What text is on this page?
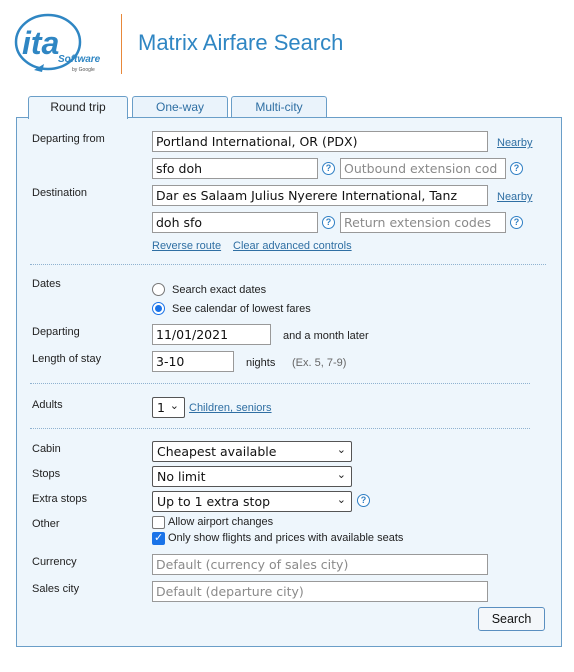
ita
Software
by Google
Matrix Airfare Search
Round trip	One-way	Multi-city
Departing from	Portland International, OR (PDX)	Nearby
sfo doh	?	Outbound extension cod	?
Destination	Dar es Salaam Julius Nyerere International, Tanz	Nearby
doh sfo	?	Return extension codes	?
Reverse route Clear advanced controls
Dates	Search exact dates
See calendar of lowest fares
Departing	11/01/2021	and a month later
Length of stay	3-10	nights (Ex. 5, 7-9)
Adults	1 ⌄ Children, seniors
Cabin	Cheapest available	⌄
Stops	No limit	⌄
Extra stops	Up to 1 extra stop	⌄	?
Other	Allow airport changes
✓
Only show flights and prices with available seats
Currency	Default (currency of sales city)
Sales city	Default (departure city)
Search
